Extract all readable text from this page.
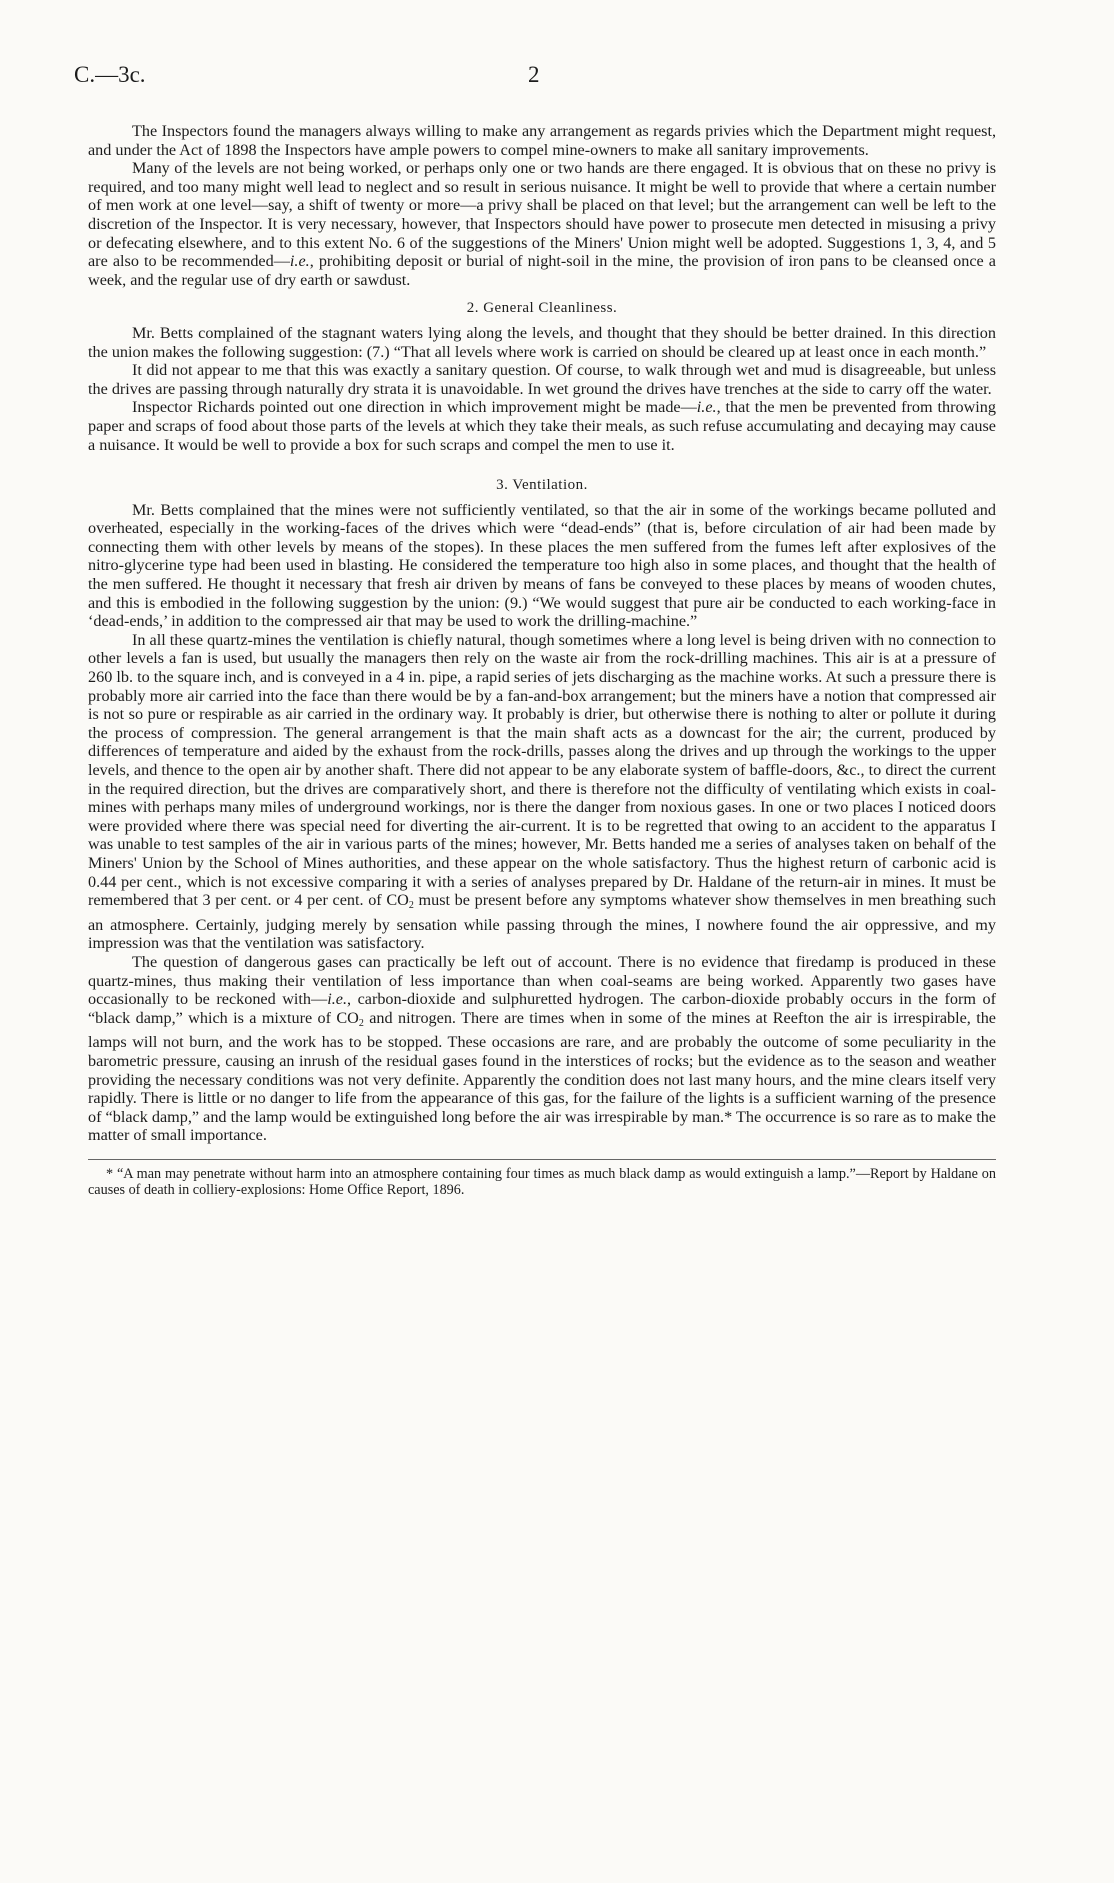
C.—3c.	2

The Inspectors found the managers always willing to make any arrangement as regards privies which the Department might request, and under the Act of 1898 the Inspectors have ample powers to compel mine-owners to make all sanitary improvements.

Many of the levels are not being worked, or perhaps only one or two hands are there engaged. It is obvious that on these no privy is required, and too many might well lead to neglect and so result in serious nuisance. It might be well to provide that where a certain number of men work at one level—say, a shift of twenty or more—a privy shall be placed on that level; but the arrangement can well be left to the discretion of the Inspector. It is very necessary, however, that Inspectors should have power to prosecute men detected in misusing a privy or defecating elsewhere, and to this extent No. 6 of the suggestions of the Miners' Union might well be adopted. Suggestions 1, 3, 4, and 5 are also to be recommended—i.e., prohibiting deposit or burial of night-soil in the mine, the provision of iron pans to be cleansed once a week, and the regular use of dry earth or sawdust.

2. General Cleanliness.

Mr. Betts complained of the stagnant waters lying along the levels, and thought that they should be better drained. In this direction the union makes the following suggestion: (7.) “That all levels where work is carried on should be cleared up at least once in each month.”

It did not appear to me that this was exactly a sanitary question. Of course, to walk through wet and mud is disagreeable, but unless the drives are passing through naturally dry strata it is unavoidable. In wet ground the drives have trenches at the side to carry off the water.

Inspector Richards pointed out one direction in which improvement might be made—i.e., that the men be prevented from throwing paper and scraps of food about those parts of the levels at which they take their meals, as such refuse accumulating and decaying may cause a nuisance. It would be well to provide a box for such scraps and compel the men to use it.

3. Ventilation.

Mr. Betts complained that the mines were not sufficiently ventilated, so that the air in some of the workings became polluted and overheated, especially in the working-faces of the drives which were “dead-ends” (that is, before circulation of air had been made by connecting them with other levels by means of the stopes). In these places the men suffered from the fumes left after explosives of the nitro-glycerine type had been used in blasting. He considered the temperature too high also in some places, and thought that the health of the men suffered. He thought it necessary that fresh air driven by means of fans be conveyed to these places by means of wooden chutes, and this is embodied in the following suggestion by the union: (9.) “We would suggest that pure air be conducted to each working-face in ‘dead-ends,’ in addition to the compressed air that may be used to work the drilling-machine.”

In all these quartz-mines the ventilation is chiefly natural, though sometimes where a long level is being driven with no connection to other levels a fan is used, but usually the managers then rely on the waste air from the rock-drilling machines. This air is at a pressure of 260 lb. to the square inch, and is conveyed in a 4 in. pipe, a rapid series of jets discharging as the machine works. At such a pressure there is probably more air carried into the face than there would be by a fan-and-box arrangement; but the miners have a notion that compressed air is not so pure or respirable as air carried in the ordinary way. It probably is drier, but otherwise there is nothing to alter or pollute it during the process of compression. The general arrangement is that the main shaft acts as a downcast for the air; the current, produced by differences of temperature and aided by the exhaust from the rock-drills, passes along the drives and up through the workings to the upper levels, and thence to the open air by another shaft. There did not appear to be any elaborate system of baffle-doors, &c., to direct the current in the required direction, but the drives are comparatively short, and there is therefore not the difficulty of ventilating which exists in coal-mines with perhaps many miles of underground workings, nor is there the danger from noxious gases. In one or two places I noticed doors were provided where there was special need for diverting the air-current. It is to be regretted that owing to an accident to the apparatus I was unable to test samples of the air in various parts of the mines; however, Mr. Betts handed me a series of analyses taken on behalf of the Miners' Union by the School of Mines authorities, and these appear on the whole satisfactory. Thus the highest return of carbonic acid is 0.44 per cent., which is not excessive comparing it with a series of analyses prepared by Dr. Haldane of the return-air in mines. It must be remembered that 3 per cent. or 4 per cent. of $CO_2$ must be present before any symptoms whatever show themselves in men breathing such an atmosphere. Certainly, judging merely by sensation while passing through the mines, I nowhere found the air oppressive, and my impression was that the ventilation was satisfactory.

The question of dangerous gases can practically be left out of account. There is no evidence that firedamp is produced in these quartz-mines, thus making their ventilation of less importance than when coal-seams are being worked. Apparently two gases have occasionally to be reckoned with—i.e., carbon-dioxide and sulphuretted hydrogen. The carbon-dioxide probably occurs in the form of “black damp,” which is a mixture of $CO_2$ and nitrogen. There are times when in some of the mines at Reefton the air is irrespirable, the lamps will not burn, and the work has to be stopped. These occasions are rare, and are probably the outcome of some peculiarity in the barometric pressure, causing an inrush of the residual gases found in the interstices of rocks; but the evidence as to the season and weather providing the necessary conditions was not very definite. Apparently the condition does not last many hours, and the mine clears itself very rapidly. There is little or no danger to life from the appearance of this gas, for the failure of the lights is a sufficient warning of the presence of “black damp,” and the lamp would be extinguished long before the air was irrespirable by man.* The occurrence is so rare as to make the matter of small importance.

* “A man may penetrate without harm into an atmosphere containing four times as much black damp as would extinguish a lamp.”—Report by Haldane on causes of death in colliery-explosions: Home Office Report, 1896.
